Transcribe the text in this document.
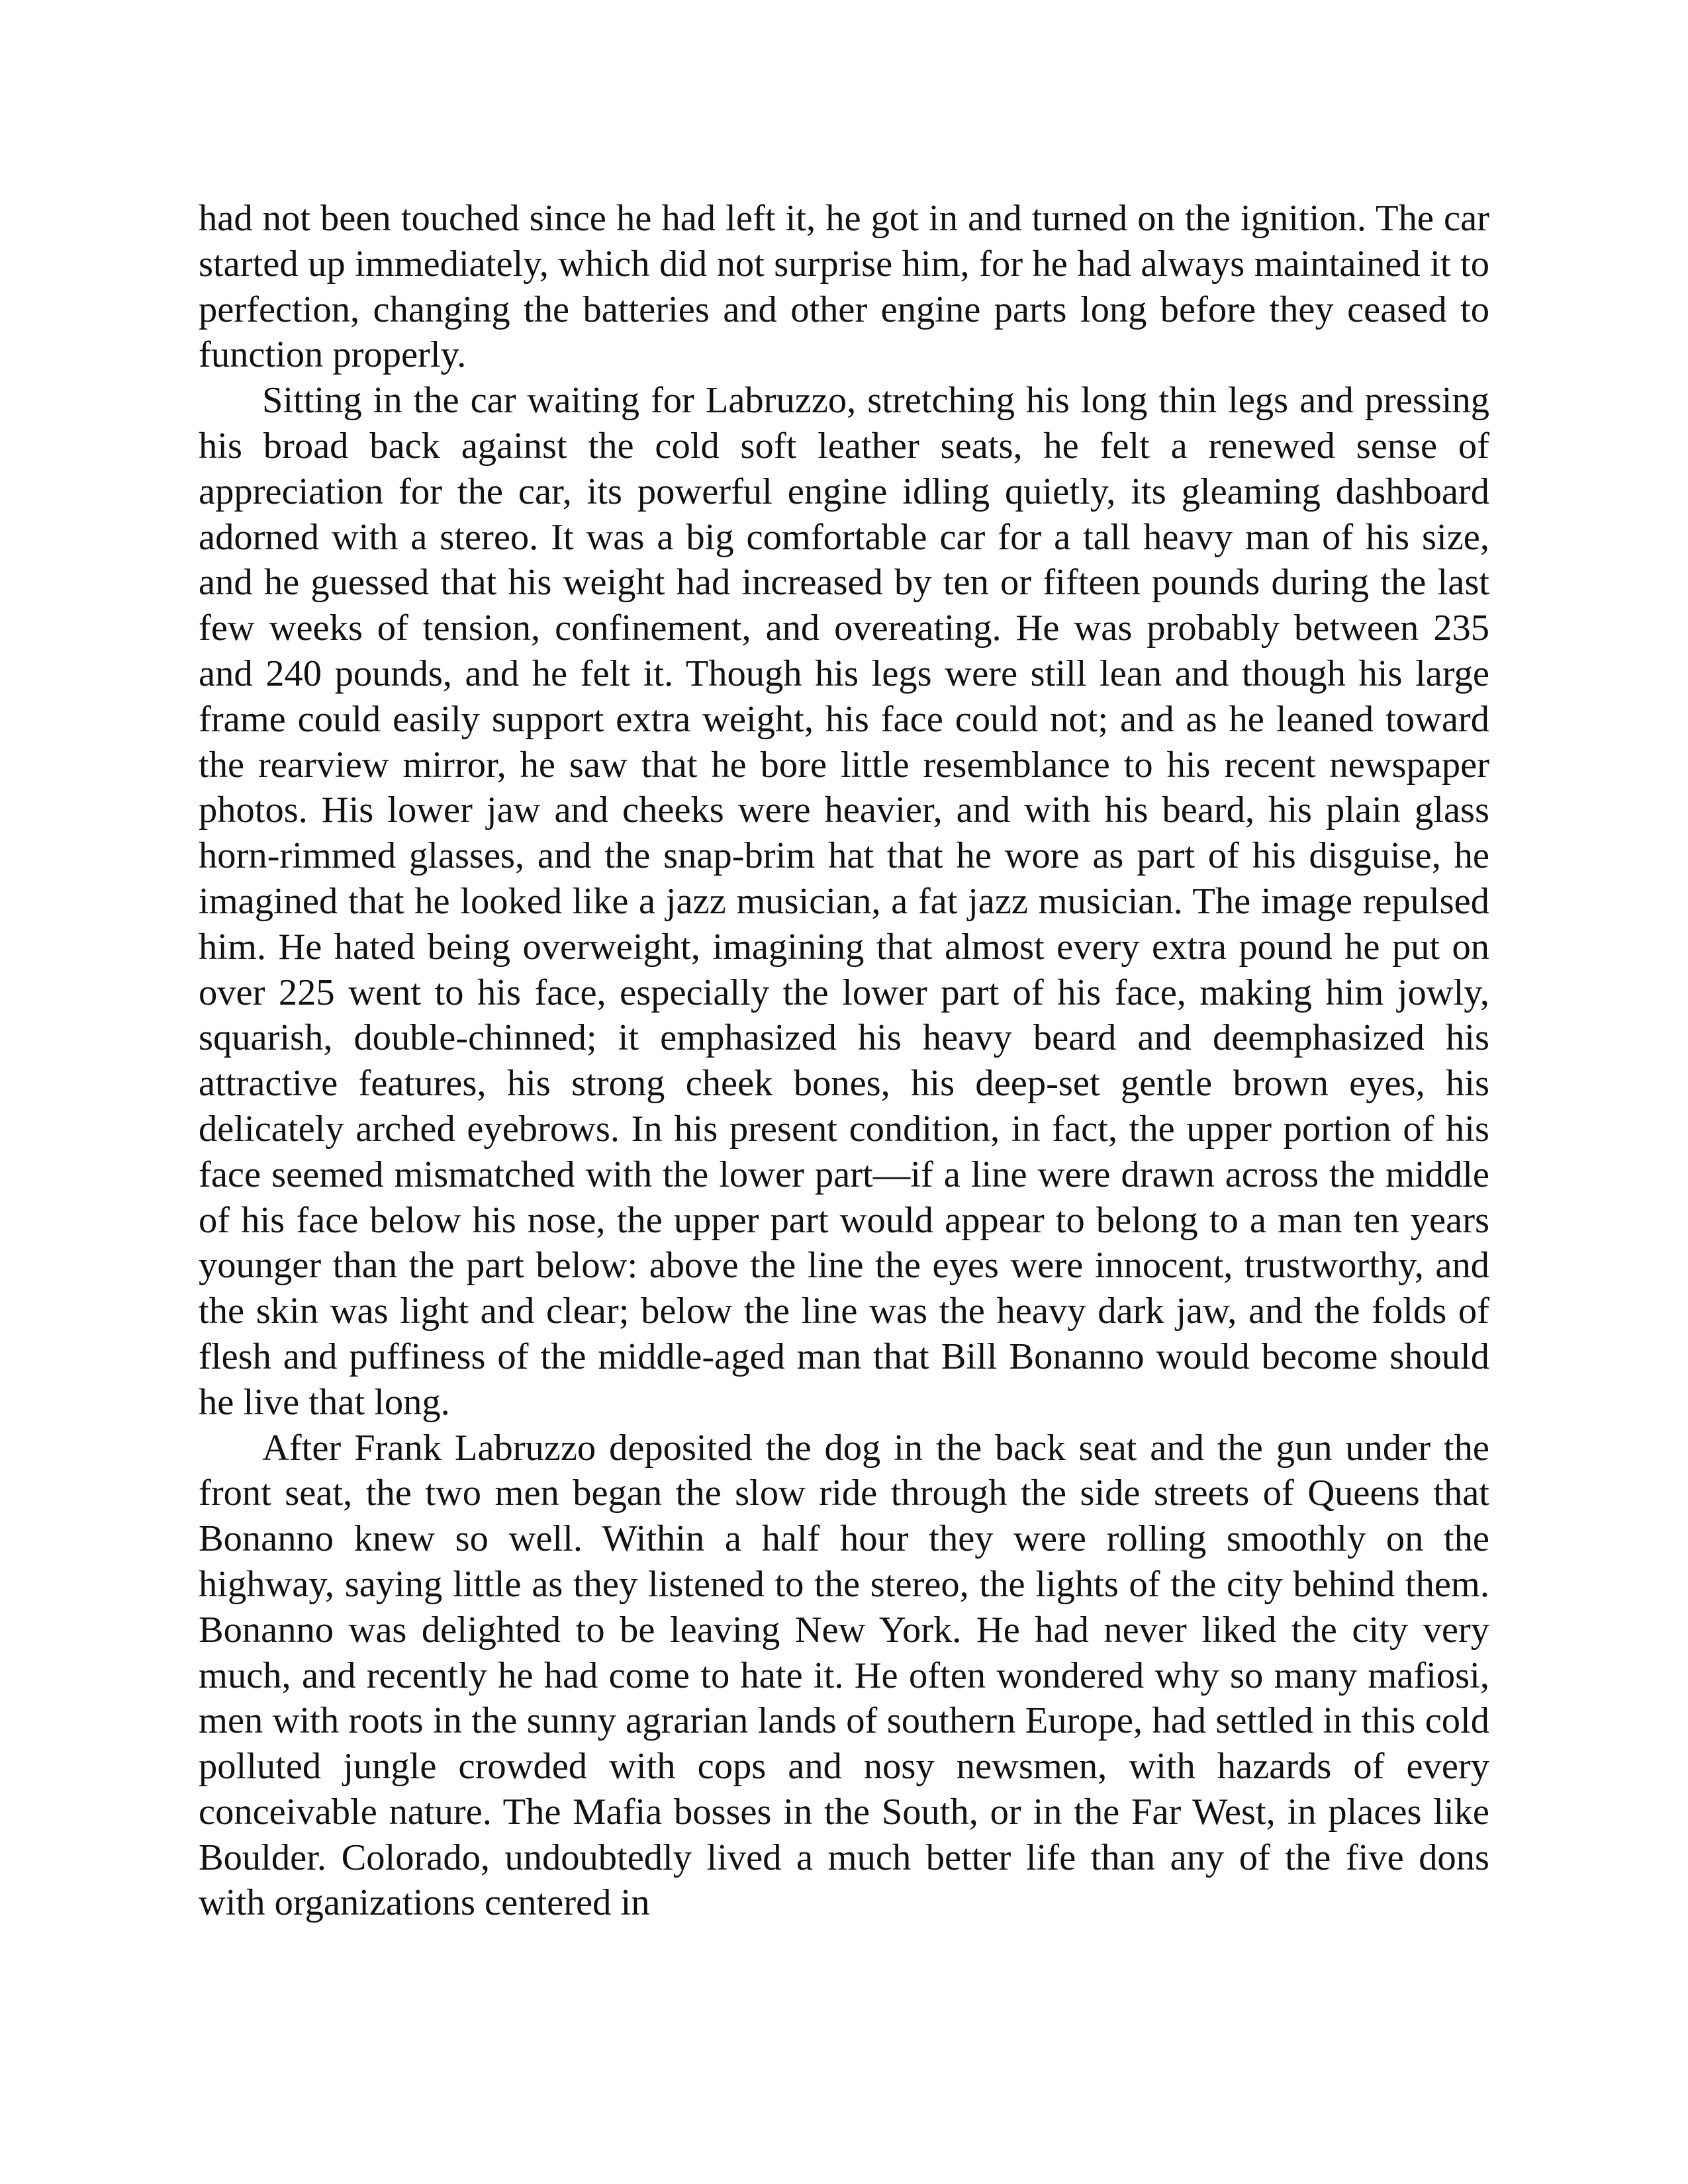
had not been touched since he had left it, he got in and turned on the ignition. The car started up immediately, which did not surprise him, for he had always maintained it to perfection, changing the batteries and other engine parts long before they ceased to function properly.

Sitting in the car waiting for Labruzzo, stretching his long thin legs and pressing his broad back against the cold soft leather seats, he felt a renewed sense of appreciation for the car, its powerful engine idling quietly, its gleaming dashboard adorned with a stereo. It was a big comfortable car for a tall heavy man of his size, and he guessed that his weight had increased by ten or fifteen pounds during the last few weeks of tension, confinement, and overeating. He was probably between 235 and 240 pounds, and he felt it. Though his legs were still lean and though his large frame could easily support extra weight, his face could not; and as he leaned toward the rearview mirror, he saw that he bore little resemblance to his recent newspaper photos. His lower jaw and cheeks were heavier, and with his beard, his plain glass horn-rimmed glasses, and the snap-brim hat that he wore as part of his disguise, he imagined that he looked like a jazz musician, a fat jazz musician. The image repulsed him. He hated being overweight, imagining that almost every extra pound he put on over 225 went to his face, especially the lower part of his face, making him jowly, squarish, double-chinned; it emphasized his heavy beard and deemphasized his attractive features, his strong cheek bones, his deep-set gentle brown eyes, his delicately arched eyebrows. In his present condition, in fact, the upper portion of his face seemed mismatched with the lower part—if a line were drawn across the middle of his face below his nose, the upper part would appear to belong to a man ten years younger than the part below: above the line the eyes were innocent, trustworthy, and the skin was light and clear; below the line was the heavy dark jaw, and the folds of flesh and puffiness of the middle-aged man that Bill Bonanno would become should he live that long.

After Frank Labruzzo deposited the dog in the back seat and the gun under the front seat, the two men began the slow ride through the side streets of Queens that Bonanno knew so well. Within a half hour they were rolling smoothly on the highway, saying little as they listened to the stereo, the lights of the city behind them. Bonanno was delighted to be leaving New York. He had never liked the city very much, and recently he had come to hate it. He often wondered why so many mafiosi, men with roots in the sunny agrarian lands of southern Europe, had settled in this cold polluted jungle crowded with cops and nosy newsmen, with hazards of every conceivable nature. The Mafia bosses in the South, or in the Far West, in places like Boulder. Colorado, undoubtedly lived a much better life than any of the five dons with organizations centered in
